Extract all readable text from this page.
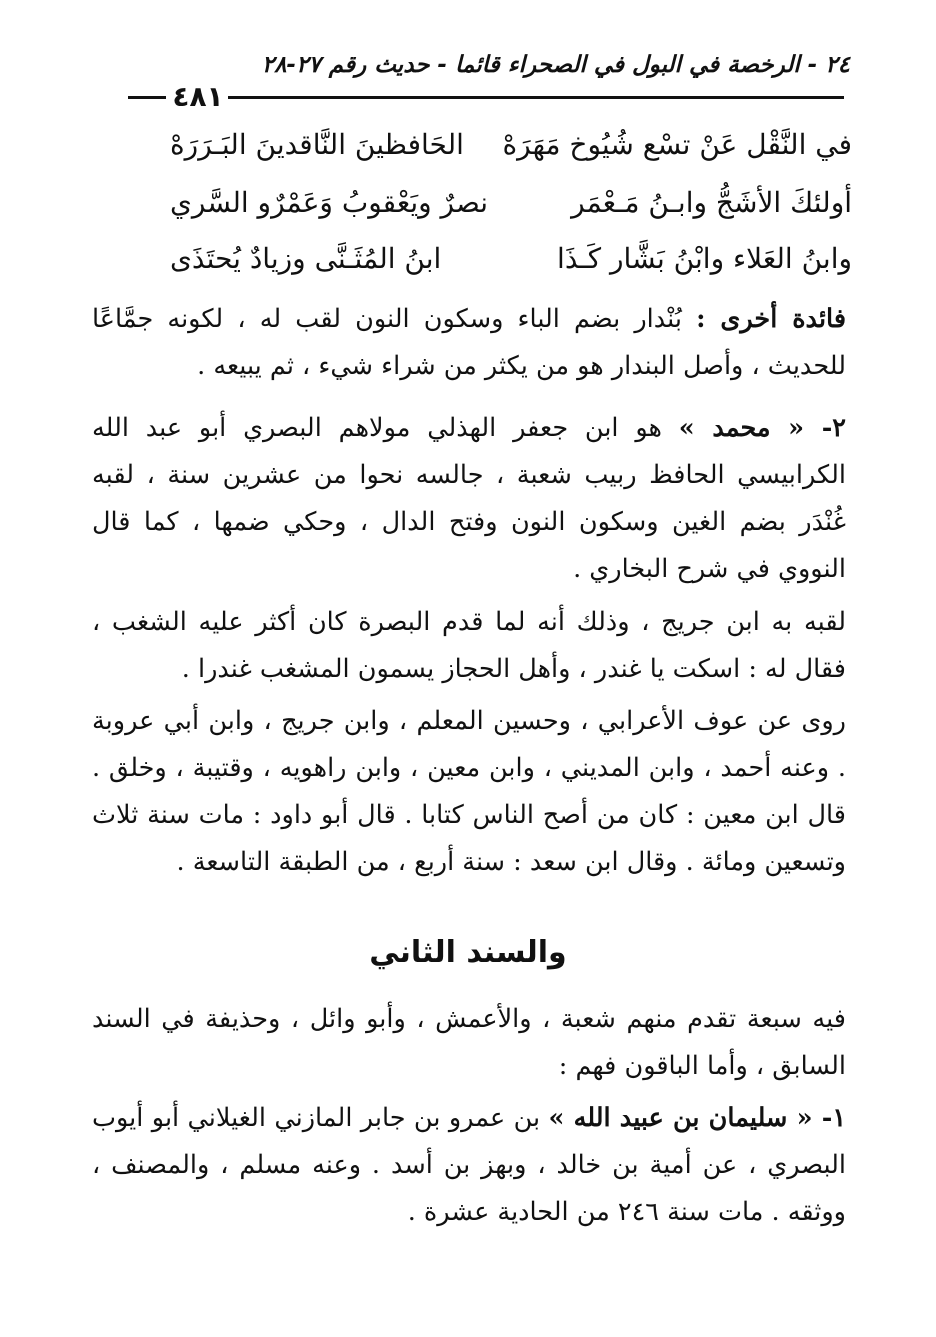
٢٤ - الرخصة في البول في الصحراء قائما - حديث رقم ٢٧-٢٨
٤٨١
في النَّقْل عَنْ تسْع شُيُوخ مَهَرَهْ
الحَافظينَ النَّاقدينَ البَـرَرَهْ
أولئكَ الأشَجُّ وابـنُ مَـعْمَر
نصرٌ ويَعْقوبُ وَعَمْرٌو السَّري
وابنُ العَلاء وابْنُ بَشَّار كَـذَا
ابنُ المُثَـنَّى وزيادٌ يُحتَذَى
فائدة أخرى : بُنْدار بضم الباء وسكون النون لقب له ، لكونه جمَّاعًا للحديث ، وأصل البندار هو من يكثر من شراء شيء ، ثم يبيعه .
٢- « محمد » هو ابن جعفر الهذلي مولاهم البصري أبو عبد الله الكرابيسي الحافظ ربيب شعبة ، جالسه نحوا من عشرين سنة ، لقبه غُنْدَر بضم الغين وسكون النون وفتح الدال ، وحكي ضمها ، كما قال النووي في شرح البخاري .
لقبه به ابن جريج ، وذلك أنه لما قدم البصرة كان أكثر عليه الشغب ، فقال له : اسكت يا غندر ، وأهل الحجاز يسمون المشغب غندرا .
روى عن عوف الأعرابي ، وحسين المعلم ، وابن جريج ، وابن أبي عروبة . وعنه أحمد ، وابن المديني ، وابن معين ، وابن راهويه ، وقتيبة ، وخلق . قال ابن معين : كان من أصح الناس كتابا . قال أبو داود : مات سنة ثلاث وتسعين ومائة . وقال ابن سعد : سنة أربع ، من الطبقة التاسعة .
والسند الثاني
فيه سبعة تقدم منهم شعبة ، والأعمش ، وأبو وائل ، وحذيفة في السند السابق ، وأما الباقون فهم :
١- « سليمان بن عبيد الله » بن عمرو بن جابر المازني الغيلاني أبو أيوب البصري ، عن أمية بن خالد ، وبهز بن أسد . وعنه مسلم ، والمصنف ، ووثقه . مات سنة ٢٤٦ من الحادية عشرة .
